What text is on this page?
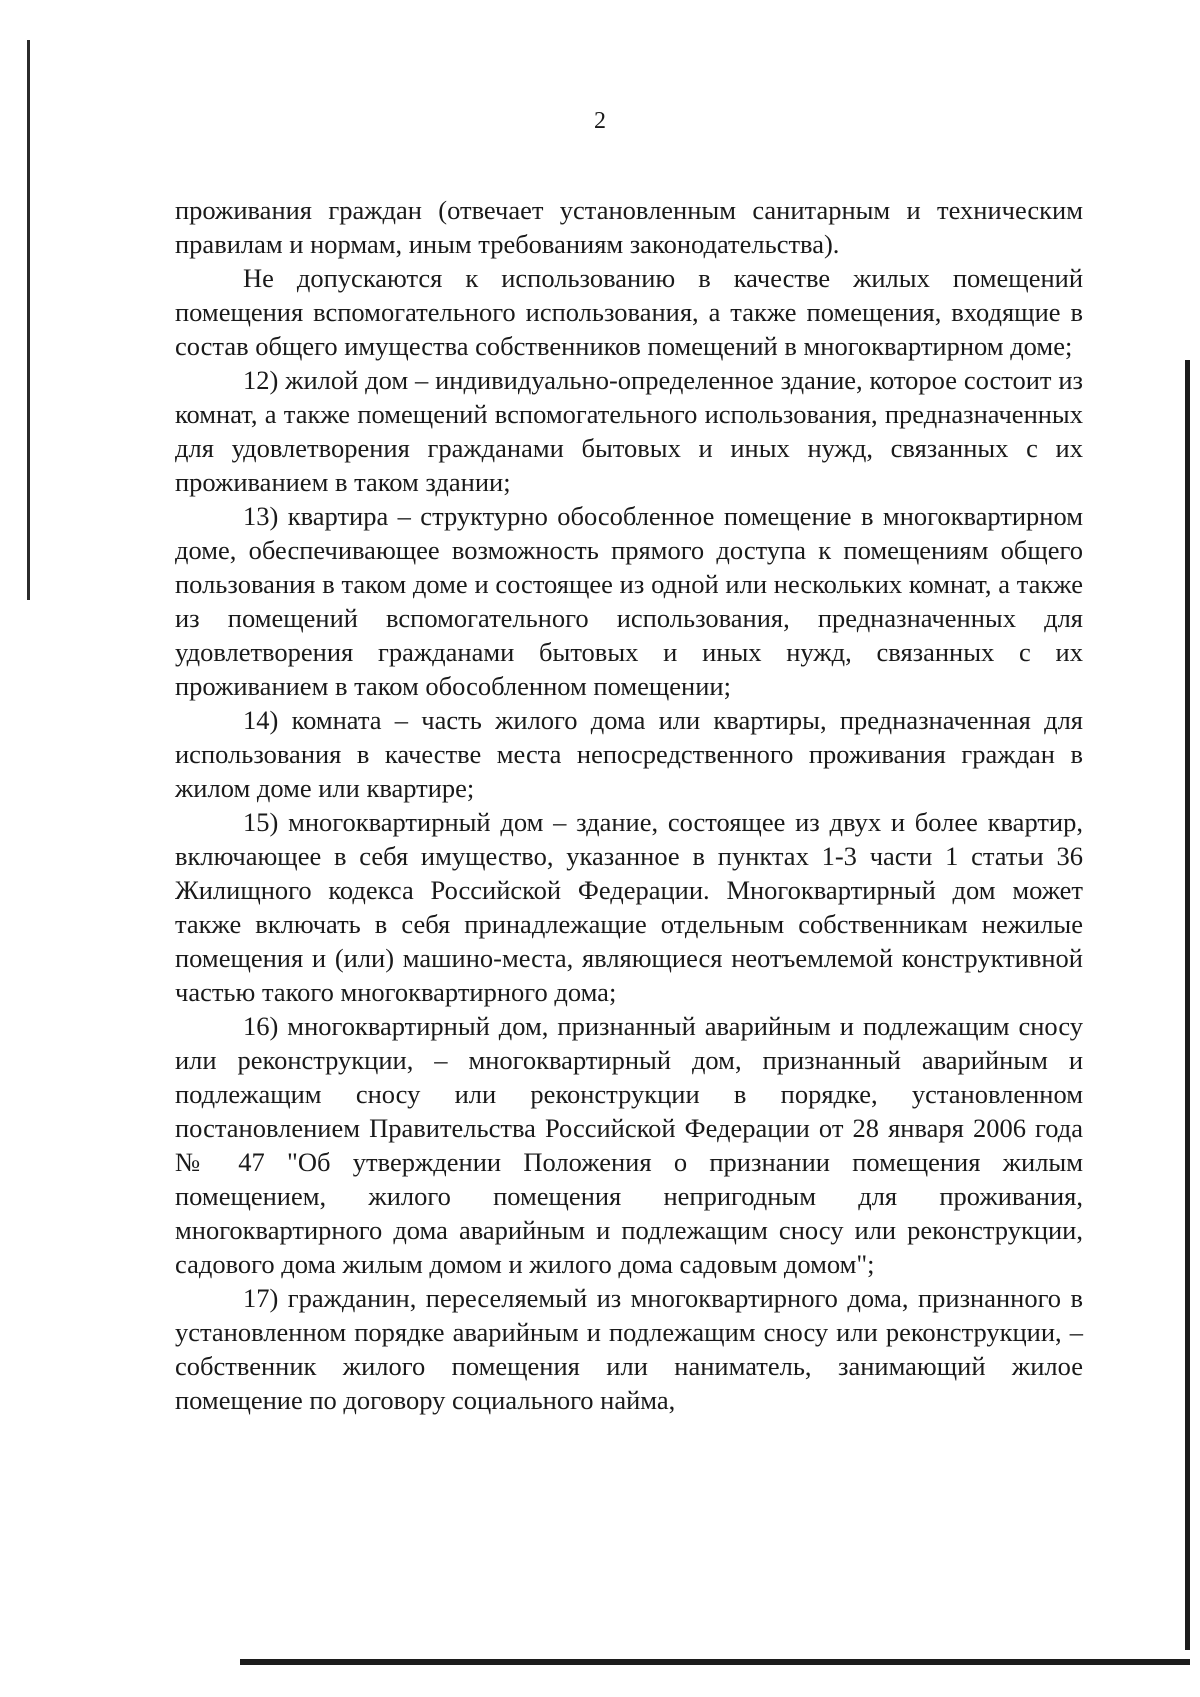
2

проживания граждан (отвечает установленным санитарным и техническим правилам и нормам, иным требованиям законодательства).

Не допускаются к использованию в качестве жилых помещений помещения вспомогательного использования, а также помещения, входящие в состав общего имущества собственников помещений в многоквартирном доме;

12) жилой дом – индивидуально-определенное здание, которое состоит из комнат, а также помещений вспомогательного использования, предназначенных для удовлетворения гражданами бытовых и иных нужд, связанных с их проживанием в таком здании;

13) квартира – структурно обособленное помещение в многоквартирном доме, обеспечивающее возможность прямого доступа к помещениям общего пользования в таком доме и состоящее из одной или нескольких комнат, а также из помещений вспомогательного использования, предназначенных для удовлетворения гражданами бытовых и иных нужд, связанных с их проживанием в таком обособленном помещении;

14) комната – часть жилого дома или квартиры, предназначенная для использования в качестве места непосредственного проживания граждан в жилом доме или квартире;

15) многоквартирный дом – здание, состоящее из двух и более квартир, включающее в себя имущество, указанное в пунктах 1-3 части 1 статьи 36 Жилищного кодекса Российской Федерации. Многоквартирный дом может также включать в себя принадлежащие отдельным собственникам нежилые помещения и (или) машино-места, являющиеся неотъемлемой конструктивной частью такого многоквартирного дома;

16) многоквартирный дом, признанный аварийным и подлежащим сносу или реконструкции, – многоквартирный дом, признанный аварийным и подлежащим сносу или реконструкции в порядке, установленном постановлением Правительства Российской Федерации от 28 января 2006 года № 47 "Об утверждении Положения о признании помещения жилым помещением, жилого помещения непригодным для проживания, многоквартирного дома аварийным и подлежащим сносу или реконструкции, садового дома жилым домом и жилого дома садовым домом";

17) гражданин, переселяемый из многоквартирного дома, признанного в установленном порядке аварийным и подлежащим сносу или реконструкции, – собственник жилого помещения или наниматель, занимающий жилое помещение по договору социального найма,
